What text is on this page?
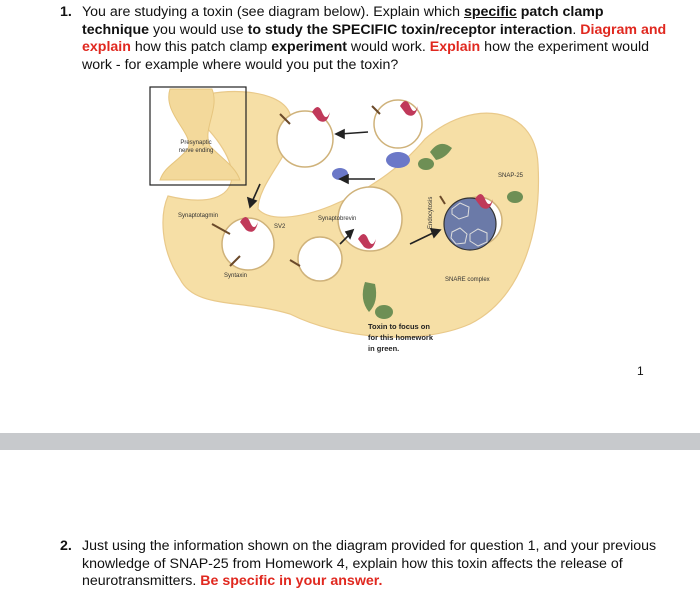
1. You are studying a toxin (see diagram below). Explain which specific patch clamp technique you would use to study the SPECIFIC toxin/receptor interaction. Diagram and explain how this patch clamp experiment would work. Explain how the experiment would work - for example where would you put the toxin?
Presynaptic
nerve ending
Synaptotagmin
SV2
Synaptobrevin
Syntaxin
Endocytosis
SNAP-25
SNARE complex
Toxin to focus on
for this homework
in green.
1
2. Just using the information shown on the diagram provided for question 1, and your previous knowledge of SNAP-25 from Homework 4, explain how this toxin affects the release of neurotransmitters. Be specific in your answer.
